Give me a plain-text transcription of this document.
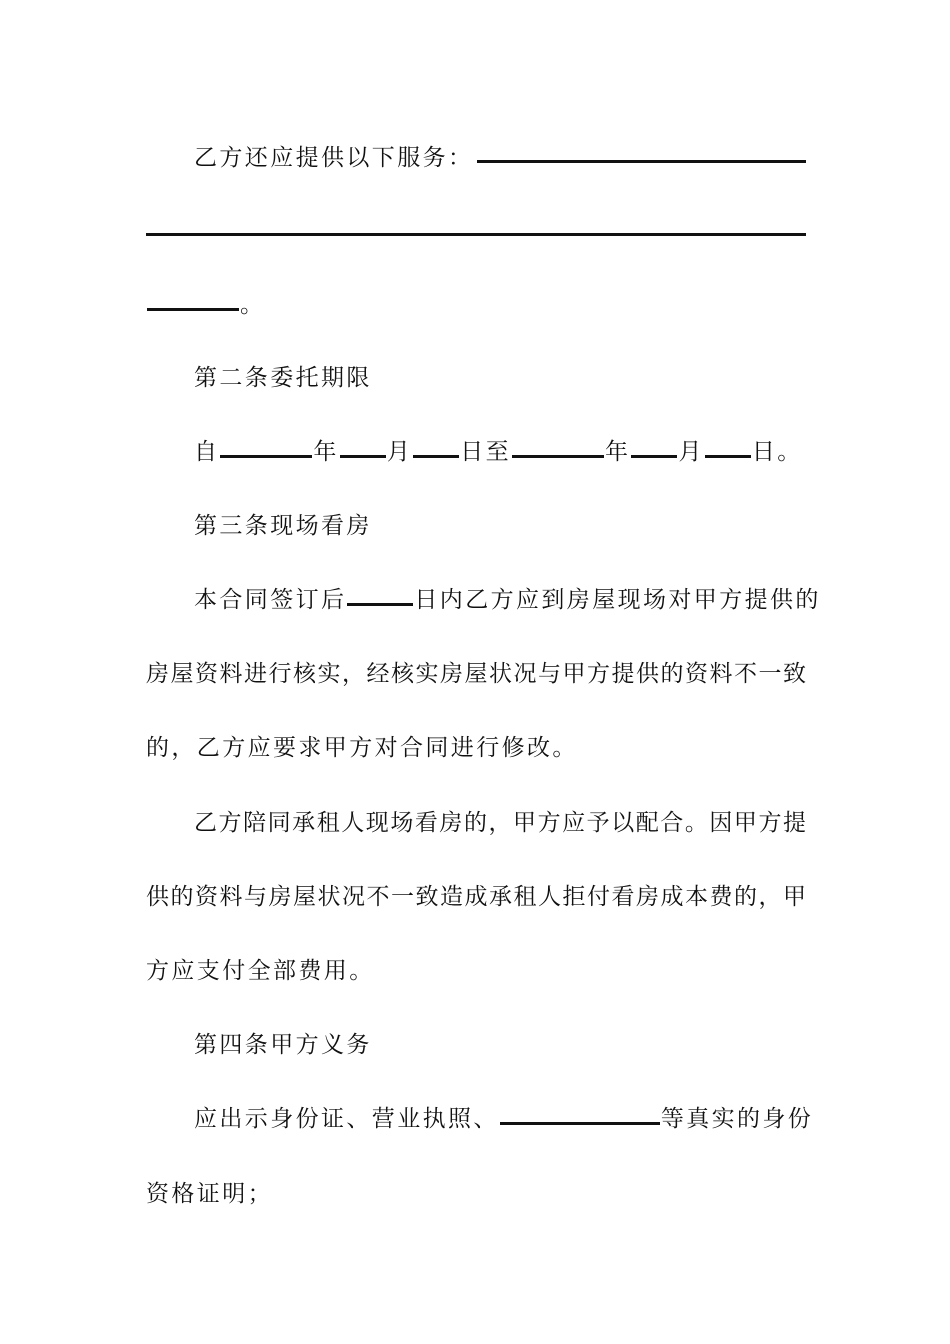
乙方还应提供以下服务：
。
第二条委托期限
自	年 月 日至	年 月 日。
第三条现场看房
本合同签订后	日内乙方应到房屋现场对甲方提供的
房屋资料进行核实，经核实房屋状况与甲方提供的资料不一致
的，乙方应要求甲方对合同进行修改。
乙方陪同承租人现场看房的，甲方应予以配合。因甲方提
供的资料与房屋状况不一致造成承租人拒付看房成本费的，甲
方应支付全部费用。
第四条甲方义务
应出示身份证、营业执照、	等真实的身份
资格证明；
